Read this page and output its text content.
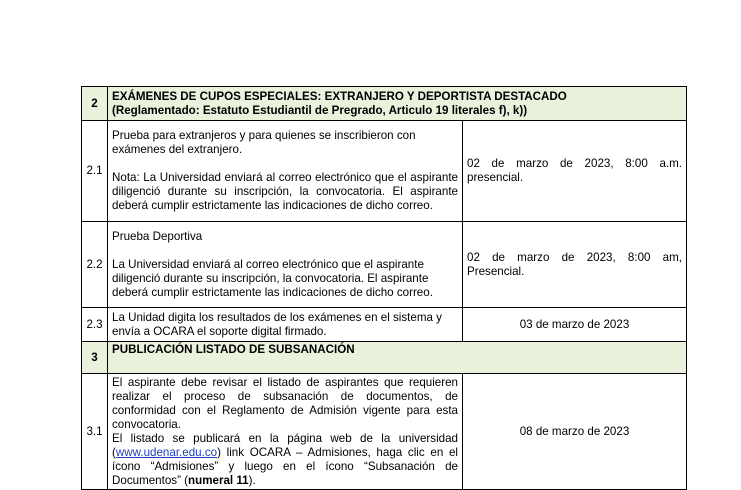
2	EXÁMENES DE CUPOS ESPECIALES: EXTRANJERO Y DEPORTISTA DESTACADO

(Reglamentado: Estatuto Estudiantil de Pregrado, Articulo 19 literales f), k))	

2.1	Prueba para extranjeros y para quienes se inscribieron con exámenes del extranjero.

Nota: La Universidad enviará al correo electrónico que el aspirante diligenció durante su inscripción, la convocatoria. El aspirante deberá cumplir estrictamente las indicaciones de dicho correo.	02 de marzo de 2023, 8:00 a.m. presencial.
2.2	Prueba Deportiva

La Universidad enviará al correo electrónico que el aspirante diligenció durante su inscripción, la convocatoria. El aspirante deberá cumplir estrictamente las indicaciones de dicho correo.	02 de marzo de 2023, 8:00 am, Presencial.
2.3	La Unidad digita los resultados de los exámenes en el sistema y envía a OCARA el soporte digital firmado.	03 de marzo de 2023
3	PUBLICACIÓN LISTADO DE SUBSANACIÓN	
3.1	El aspirante debe revisar el listado de aspirantes que requieren realizar el proceso de subsanación de documentos, de conformidad con el Reglamento de Admisión vigente para esta convocatoria.

El listado se publicará en la página web de la universidad (www.udenar.edu.co) link OCARA – Admisiones, haga clic en el ícono “Admisiones” y luego en el ícono “Subsanación de Documentos” (numeral 11).	08 de marzo de 2023
